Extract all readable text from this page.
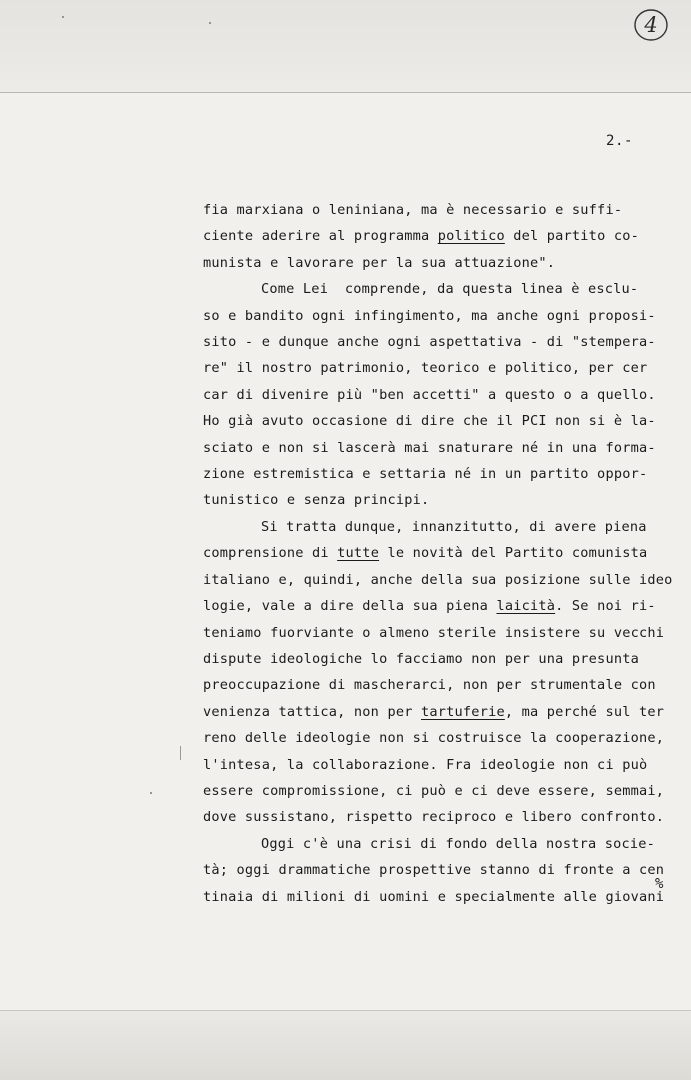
4
2.-
fia marxiana o leniniana, ma è necessario e suffi-
ciente aderire al programma politico del partito co-
munista e lavorare per la sua attuazione".
Come Lei  comprende, da questa linea è esclu-
so e bandito ogni infingimento, ma anche ogni proposi-
sito - e dunque anche ogni aspettativa - di "stempera-
re" il nostro patrimonio, teorico e politico, per cer
car di divenire più "ben accetti" a questo o a quello.
Ho già avuto occasione di dire che il PCI non si è la-
sciato e non si lascerà mai snaturare né in una forma-
zione estremistica e settaria né in un partito oppor-
tunistico e senza principi.
Si tratta dunque, innanzitutto, di avere piena
comprensione di tutte le novità del Partito comunista
italiano e, quindi, anche della sua posizione sulle ideo
logie, vale a dire della sua piena laicità. Se noi ri-
teniamo fuorviante o almeno sterile insistere su vecchi
dispute ideologiche lo facciamo non per una presunta
preoccupazione di mascherarci, non per strumentale con
venienza tattica, non per tartuferie, ma perché sul ter
reno delle ideologie non si costruisce la cooperazione,
l'intesa, la collaborazione. Fra ideologie non ci può
essere compromissione, ci può e ci deve essere, semmai,
dove sussistano, rispetto reciproco e libero confronto.
Oggi c'è una crisi di fondo della nostra socie-
tà; oggi drammatiche prospettive stanno di fronte a cen
tinaia di milioni di uomini e specialmente alle giovani
%
